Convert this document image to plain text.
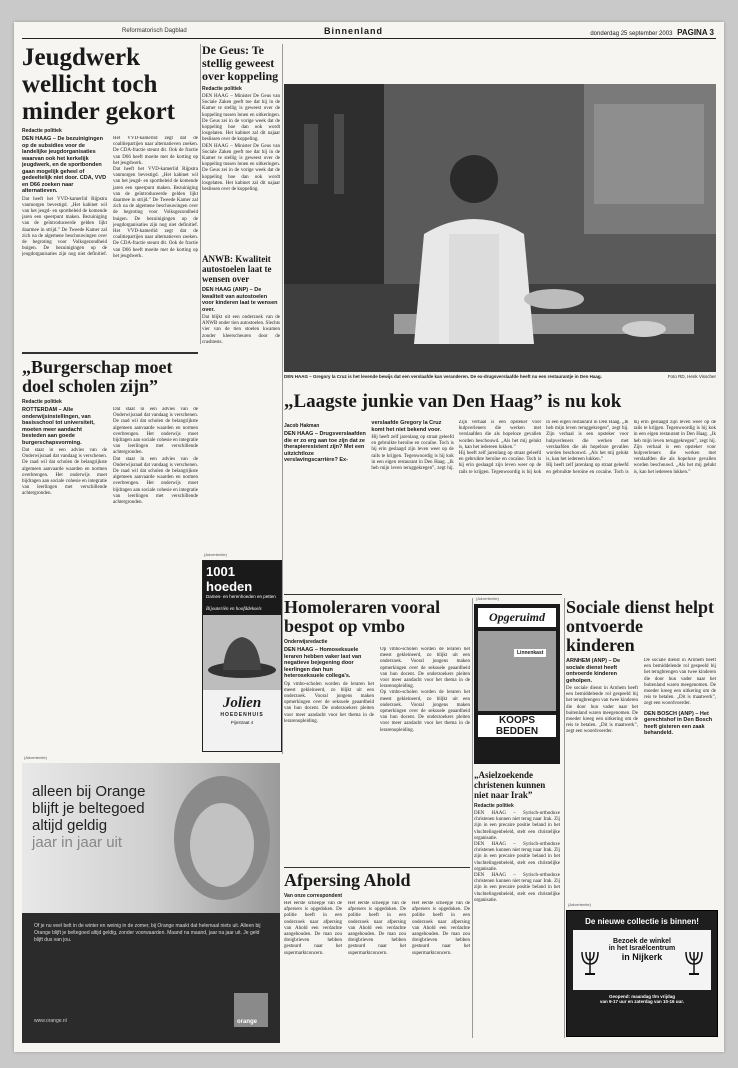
Reformatorisch Dagblad	Binnenland	donderdag 25 september 2003 PAGINA 3
Jeugdwerk wellicht toch minder gekort
Redactie politiek

DEN HAAG – De bezuinigingen op de subsidies voor de landelijke jeugdorganisaties waarvan ook het kerkelijk jeugdwerk, en de sportbonden gaan mogelijk geheel of gedeeltelijk niet door. CDA, VVD en D66 zoeken naar alternatieven.

Dat heeft het VVD-kamerlid Rijpstra vanmorgen bevestigd. „Het kabinet wil van het jeugd- en sportbeleid de komende jaren een speerpunt maken. Bezuiniging van de geïntroduceerde gelden lijkt daarmee in strijd.” De Tweede Kamer zal zich na de algemene beschouwingen over de begroting voor Volksgezondheid buigen. De bezuinigingen op de jeugdorganisaties zijn nog niet definitief. Het VVD-kamerlid zegt dat de coalitiepartijen naar alternatieven zoeken. De CDA-fractie steunt dit. Ook de fractie van D66 heeft moeite met de korting op het jeugdwerk.

Dat heeft het VVD-kamerlid Rijpstra vanmorgen bevestigd. „Het kabinet wil van het jeugd- en sportbeleid de komende jaren een speerpunt maken. Bezuiniging van de geïntroduceerde gelden lijkt daarmee in strijd.” De Tweede Kamer zal zich na de algemene beschouwingen over de begroting voor Volksgezondheid buigen. De bezuinigingen op de jeugdorganisaties zijn nog niet definitief. Het VVD-kamerlid zegt dat de coalitiepartijen naar alternatieven zoeken. De CDA-fractie steunt dit. Ook de fractie van D66 heeft moeite met de korting op het jeugdwerk.

De Geus: Te stellig geweest over koppeling
Redactie politiek

DEN HAAG – Minister De Geus van Sociale Zaken geeft toe dat hij in de Kamer te stellig is geweest over de koppeling tussen lonen en uitkeringen. De Geus zei in de vorige week dat de koppeling hoe dan ook wordt losgelaten. Het kabinet zal dit najaar beslissen over de koppeling.

DEN HAAG – Minister De Geus van Sociale Zaken geeft toe dat hij in de Kamer te stellig is geweest over de koppeling tussen lonen en uitkeringen. De Geus zei in de vorige week dat de koppeling hoe dan ook wordt losgelaten. Het kabinet zal dit najaar beslissen over de koppeling.

ANWB: Kwaliteit autostoelen laat te wensen over

DEN HAAG (ANP) – De kwaliteit van autostoelen voor kinderen laat te wensen over.

Dat blijkt uit een onderzoek van de ANWB onder tien autostoelen. Slechts vier van de tien stoelen kwamen zonder kleerscheuren door de crashtests.

DEN HAAG – Gregory la Cruz is het levende bewijs dat een verslaafde kan veranderen. De ex-drugsverslaafde heeft nu een restaurantje in Den Haag.	Foto RD, Henk Visscher
„Laagste junkie van Den Haag” is nu kok
Jacob Hakman

DEN HAAG – Drugsverslaafden die er zo erg aan toe zijn dat ze therapieresistent zijn? Met een uitzichtloze verslavingscarrière? Ex-verslaafde Gregory la Cruz komt het niet bekend voor.

Hij heeft zelf jarenlang op straat geleefd en gebruikte heroïne en cocaïne. Toch is hij erin geslaagd zijn leven weer op de rails te krijgen. Tegenwoordig is hij kok in een eigen restaurant in Den Haag. „Ik heb mijn leven teruggekregen”, zegt hij. Zijn verhaal is een opsteker voor hulpverleners die werken met verslaafden die als hopeloze gevallen worden beschouwd. „Als het mij gelukt is, kan het iedereen lukken.”

Hij heeft zelf jarenlang op straat geleefd en gebruikte heroïne en cocaïne. Toch is hij erin geslaagd zijn leven weer op de rails te krijgen. Tegenwoordig is hij kok in een eigen restaurant in Den Haag. „Ik heb mijn leven teruggekregen”, zegt hij. Zijn verhaal is een opsteker voor hulpverleners die werken met verslaafden die als hopeloze gevallen worden beschouwd. „Als het mij gelukt is, kan het iedereen lukken.”

Hij heeft zelf jarenlang op straat geleefd en gebruikte heroïne en cocaïne. Toch is hij erin geslaagd zijn leven weer op de rails te krijgen. Tegenwoordig is hij kok in een eigen restaurant in Den Haag. „Ik heb mijn leven teruggekregen”, zegt hij. Zijn verhaal is een opsteker voor hulpverleners die werken met verslaafden die als hopeloze gevallen worden beschouwd. „Als het mij gelukt is, kan het iedereen lukken.”

„Burgerschap moet doel scholen zijn”
Redactie politiek

ROTTERDAM – Alle onderwijsinstellingen, van basisschool tot universiteit, moeten meer aandacht besteden aan goede burgerschapsvorming.

Dat staat in een advies van de Onderwijsraad dat vandaag is verschenen. De raad wil dat scholen de belangrijkste algemeen aanvaarde waarden en normen overbrengen. Het onderwijs moet bijdragen aan sociale cohesie en integratie van leerlingen met verschillende achtergronden.

Dat staat in een advies van de Onderwijsraad dat vandaag is verschenen. De raad wil dat scholen de belangrijkste algemeen aanvaarde waarden en normen overbrengen. Het onderwijs moet bijdragen aan sociale cohesie en integratie van leerlingen met verschillende achtergronden.

Dat staat in een advies van de Onderwijsraad dat vandaag is verschenen. De raad wil dat scholen de belangrijkste algemeen aanvaarde waarden en normen overbrengen. Het onderwijs moet bijdragen aan sociale cohesie en integratie van leerlingen met verschillende achtergronden.

(Advertentie)
1001 hoeden
Dames- en herenhoeden en petten
Bijouteriën en hoofddeksels
Jolien
HOEDENHUIS
Pijnstraat 4
Homoleraren vooral bespot op vmbo
Onderwijsredactie

DEN HAAG – Homoseksuele leraren hebben vaker last van negatieve bejegening door leerlingen dan hun heteroseksuele collega's.

Op vmbo-scholen worden de leraren het meest gekleineerd, zo blijkt uit een onderzoek. Vooral jongens maken opmerkingen over de seksuele geaardheid van hun docent. De onderzoekers pleiten voor meer aandacht voor het thema in de lerarenopleiding.

Op vmbo-scholen worden de leraren het meest gekleineerd, zo blijkt uit een onderzoek. Vooral jongens maken opmerkingen over de seksuele geaardheid van hun docent. De onderzoekers pleiten voor meer aandacht voor het thema in de lerarenopleiding.

Op vmbo-scholen worden de leraren het meest gekleineerd, zo blijkt uit een onderzoek. Vooral jongens maken opmerkingen over de seksuele geaardheid van hun docent. De onderzoekers pleiten voor meer aandacht voor het thema in de lerarenopleiding.

(Advertentie)
Opgeruimd
Linnenkast
KOOPS BEDDEN
„Asielzoekende christenen kunnen niet naar Irak”
Redactie politiek

DEN HAAG – Syrisch-orthodoxe christenen kunnen niet terug naar Irak. Zij zijn in een precaire positie beland in het vluchtelingenbeleid, stelt een christelijke organisatie.

DEN HAAG – Syrisch-orthodoxe christenen kunnen niet terug naar Irak. Zij zijn in een precaire positie beland in het vluchtelingenbeleid, stelt een christelijke organisatie.

DEN HAAG – Syrisch-orthodoxe christenen kunnen niet terug naar Irak. Zij zijn in een precaire positie beland in het vluchtelingenbeleid, stelt een christelijke organisatie.

Sociale dienst helpt ontvoerde kinderen

ARNHEM (ANP) – De sociale dienst heeft ontvoerde kinderen geholpen.

De sociale dienst in Arnhem heeft een bemiddelende rol gespeeld bij het terugbrengen van twee kinderen die door hun vader naar het buitenland waren meegenomen. De moeder kreeg een uitkering om de reis te betalen. „Dit is maatwerk”, zegt een woordvoerder.

De sociale dienst in Arnhem heeft een bemiddelende rol gespeeld bij het terugbrengen van twee kinderen die door hun vader naar het buitenland waren meegenomen. De moeder kreeg een uitkering om de reis te betalen. „Dit is maatwerk”, zegt een woordvoerder.

DEN BOSCH (ANP) – Het gerechtshof in Den Bosch heeft gisteren een zaak behandeld.

(Advertentie)
De nieuwe collectie is binnen!
Bezoek de winkel
in het Israëlcentrum
in Nijkerk
Geopend: maandag t/m vrijdag
van 9-17 uur en zaterdag van 10-16 uur.
Afpersing Ahold
Van onze correspondent

Het eerste scheepje van de afpersers is opgedoken. De politie heeft in een onderzoek naar afpersing van Ahold een verdachte aangehouden. De man zou dreigbrieven hebben gestuurd naar het supermarktconcern.

Het eerste scheepje van de afpersers is opgedoken. De politie heeft in een onderzoek naar afpersing van Ahold een verdachte aangehouden. De man zou dreigbrieven hebben gestuurd naar het supermarktconcern.

Het eerste scheepje van de afpersers is opgedoken. De politie heeft in een onderzoek naar afpersing van Ahold een verdachte aangehouden. De man zou dreigbrieven hebben gestuurd naar het supermarktconcern.

(Advertentie)
alleen bij Orange
blijft je beltegoed
altijd geldig
jaar in jaar uit

Of je nu veel belt in de winter en weinig in de zomer, bij Orange maakt dat helemaal niets uit. Alleen bij Orange blijft je beltegoed altijd geldig, zonder voorwaarden. Maand na maand, jaar na jaar uit. Je geld blijft dus van jou.

www.orange.nl	orange
